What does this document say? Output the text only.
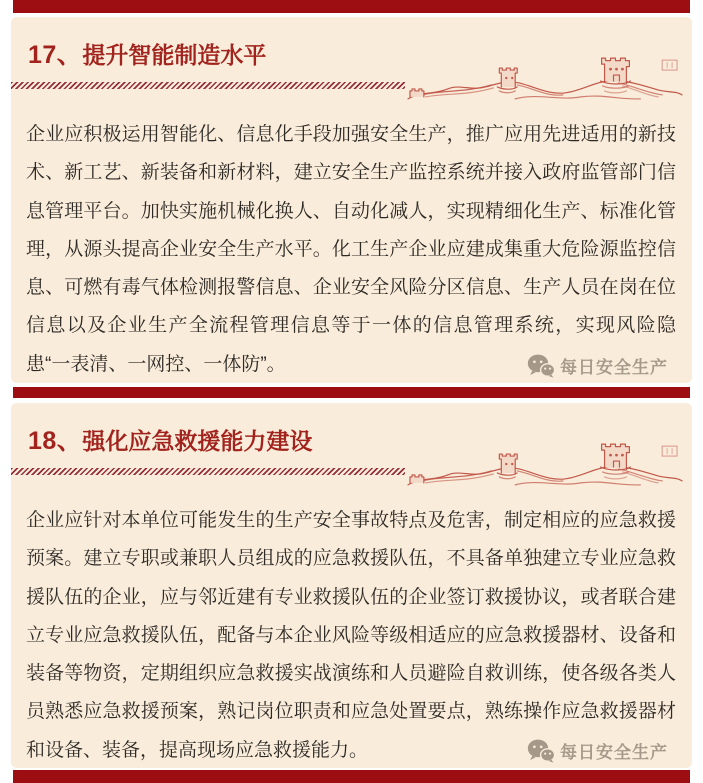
17、提升智能制造水平

企业应积极运用智能化、信息化手段加强安全生产，推广应用先进适用的新技术、新工艺、新装备和新材料，建立安全生产监控系统并接入政府监管部门信息管理平台。加快实施机械化换人、自动化减人，实现精细化生产、标准化管理，从源头提高企业安全生产水平。化工生产企业应建成集重大危险源监控信息、可燃有毒气体检测报警信息、企业安全风险分区信息、生产人员在岗在位信息以及企业生产全流程管理信息等于一体的信息管理系统，实现风险隐患“一表清、一网控、一体防”。	每日安全生产
18、强化应急救援能力建设

企业应针对本单位可能发生的生产安全事故特点及危害，制定相应的应急救援预案。建立专职或兼职人员组成的应急救援队伍，不具备单独建立专业应急救援队伍的企业，应与邻近建有专业救援队伍的企业签订救援协议，或者联合建立专业应急救援队伍，配备与本企业风险等级相适应的应急救援器材、设备和装备等物资，定期组织应急救援实战演练和人员避险自救训练，使各级各类人员熟悉应急救援预案，熟记岗位职责和应急处置要点，熟练操作应急救援器材和设备、装备，提高现场应急救援能力。	每日安全生产
